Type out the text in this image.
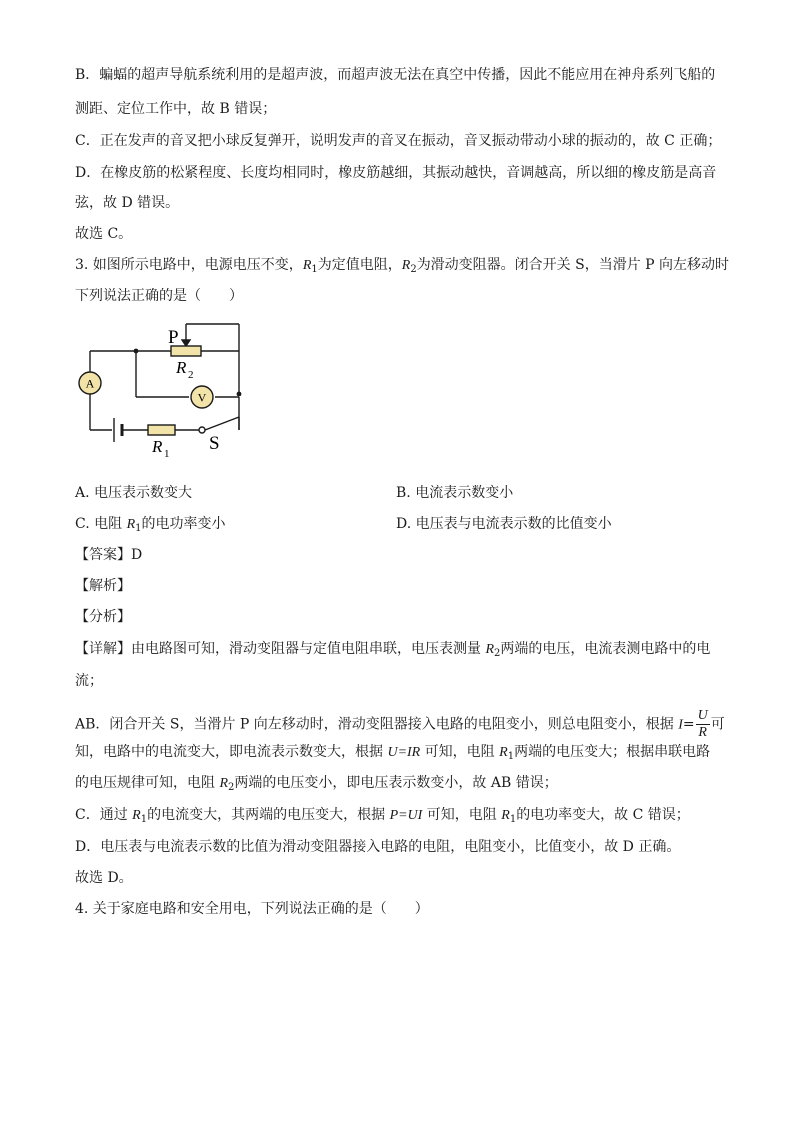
B．蝙蝠的超声导航系统利用的是超声波，而超声波无法在真空中传播，因此不能应用在神舟系列飞船的
测距、定位工作中，故 B 错误；
C．正在发声的音叉把小球反复弹开，说明发声的音叉在振动，音叉振动带动小球的振动的，故 C 正确；
D．在橡皮筋的松紧程度、长度均相同时，橡皮筋越细，其振动越快，音调越高，所以细的橡皮筋是高音
弦，故 D 错误。
故选 C。
3. 如图所示电路中，电源电压不变，$R_1$为定值电阻，$R_2$为滑动变阻器。闭合开关 S，当滑片 P 向左移动时
下列说法正确的是（　　）
A
V
P
R 2
R 1 S
A. 电压表示数变大	B. 电流表示数变小
C. 电阻 $R_1$的电功率变小	D. 电压表与电流表示数的比值变小
【答案】D
【解析】
【分析】
【详解】由电路图可知，滑动变阻器与定值电阻串联，电压表测量 $R_2$两端的电压，电流表测电路中的电
流；
AB．闭合开关 S，当滑片 P 向左移动时，滑动变阻器接入电路的电阻变小，则总电阻变小，根据 $I= \frac{U}{R}$ 可
知，电路中的电流变大，即电流表示数变大，根据 U=IR 可知，电阻 $R_1$两端的电压变大；根据串联电路
的电压规律可知，电阻 $R_2$两端的电压变小，即电压表示数变小，故 AB 错误；
C．通过 $R_1$的电流变大，其两端的电压变大，根据 P=UI 可知，电阻 $R_1$的电功率变大，故 C 错误；
D．电压表与电流表示数的比值为滑动变阻器接入电路的电阻，电阻变小，比值变小，故 D 正确。
故选 D。
4. 关于家庭电路和安全用电，下列说法正确的是（　　）
